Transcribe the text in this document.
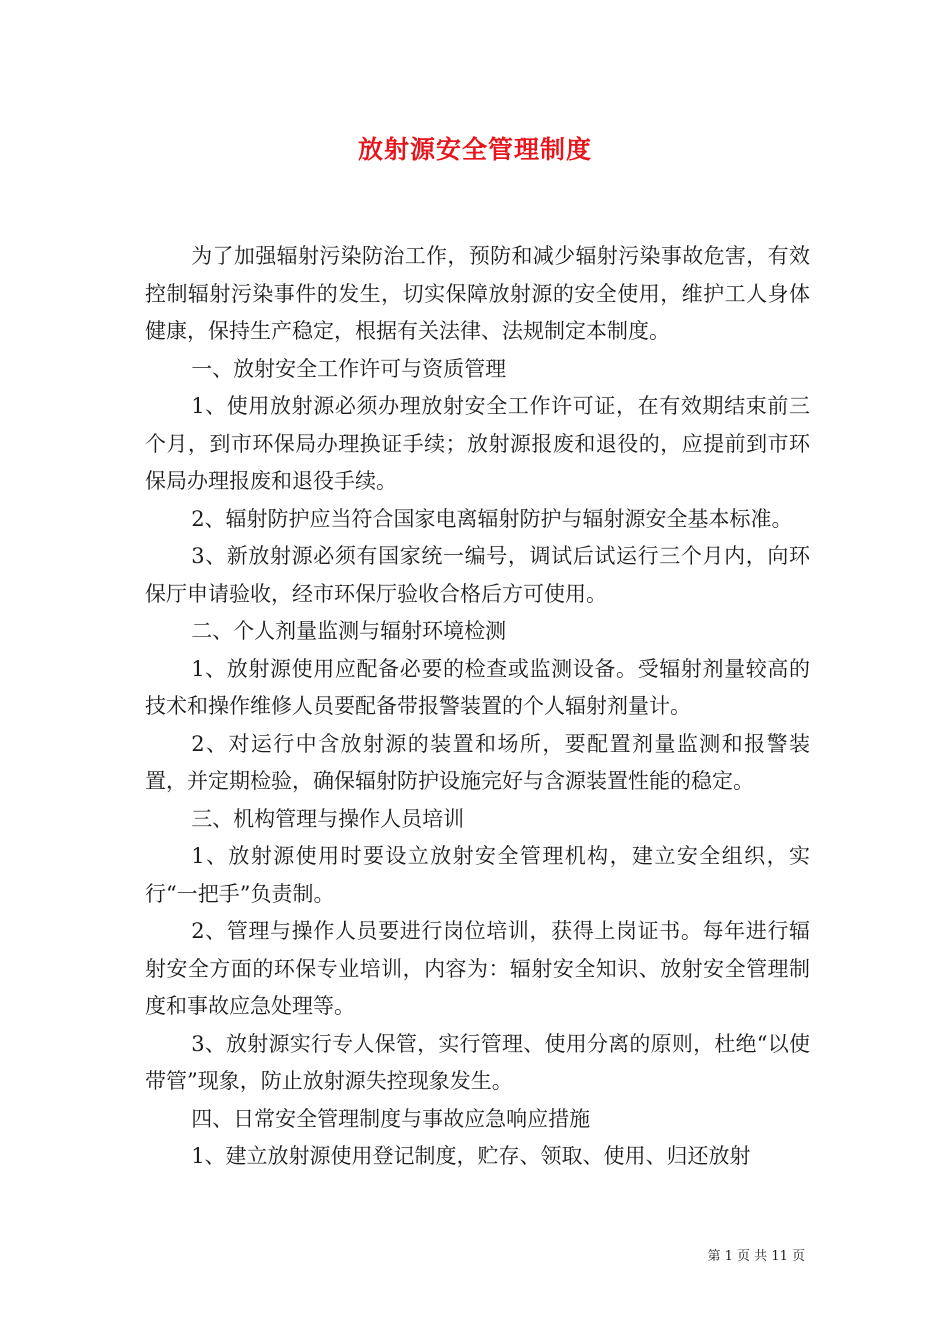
放射源安全管理制度

为了加强辐射污染防治工作，预防和减少辐射污染事故危害，有效控制辐射污染事件的发生，切实保障放射源的安全使用，维护工人身体健康，保持生产稳定，根据有关法律、法规制定本制度。

一、放射安全工作许可与资质管理

1、使用放射源必须办理放射安全工作许可证，在有效期结束前三个月，到市环保局办理换证手续；放射源报废和退役的，应提前到市环保局办理报废和退役手续。

2、辐射防护应当符合国家电离辐射防护与辐射源安全基本标准。

3、新放射源必须有国家统一编号，调试后试运行三个月内，向环保厅申请验收，经市环保厅验收合格后方可使用。

二、个人剂量监测与辐射环境检测

1、放射源使用应配备必要的检查或监测设备。受辐射剂量较高的技术和操作维修人员要配备带报警装置的个人辐射剂量计。

2、对运行中含放射源的装置和场所，要配置剂量监测和报警装置，并定期检验，确保辐射防护设施完好与含源装置性能的稳定。

三、机构管理与操作人员培训

1、放射源使用时要设立放射安全管理机构，建立安全组织，实行“一把手”负责制。

2、管理与操作人员要进行岗位培训，获得上岗证书。每年进行辐射安全方面的环保专业培训，内容为：辐射安全知识、放射安全管理制度和事故应急处理等。

3、放射源实行专人保管，实行管理、使用分离的原则，杜绝“以使带管”现象，防止放射源失控现象发生。

四、日常安全管理制度与事故应急响应措施

1、建立放射源使用登记制度，贮存、领取、使用、归还放射

第 1 页 共 11 页
